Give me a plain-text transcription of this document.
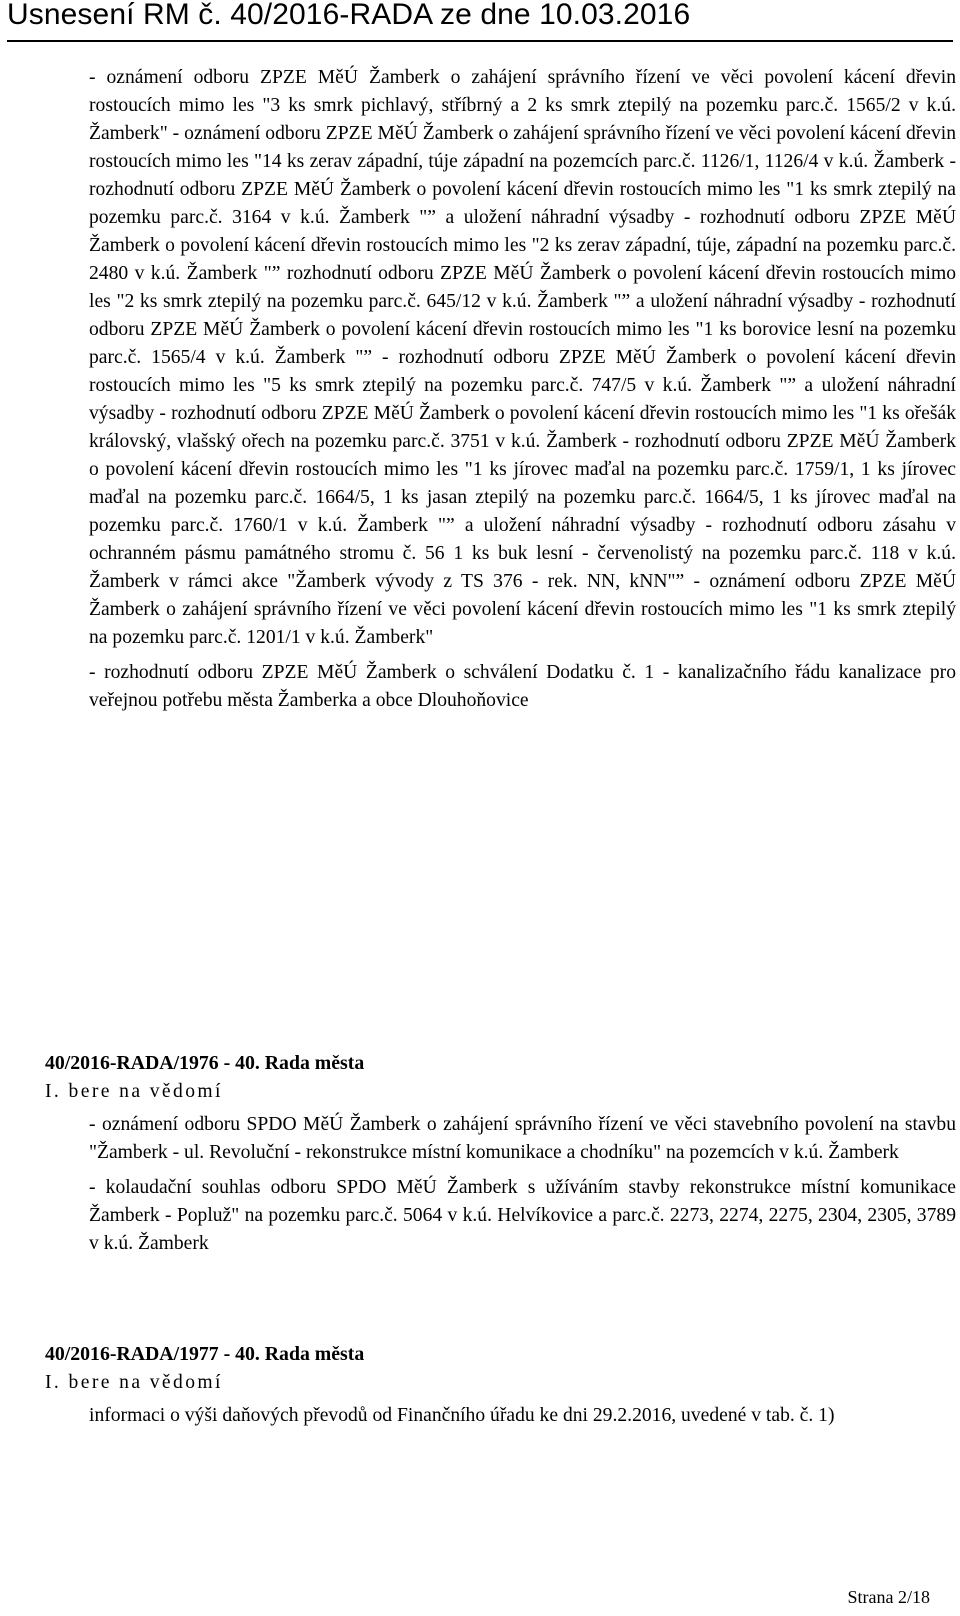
Usnesení RM č. 40/2016-RADA ze dne 10.03.2016

- oznámení odboru ZPZE MěÚ Žamberk o zahájení správního řízení ve věci povolení kácení dřevin rostoucích mimo les "3 ks smrk pichlavý, stříbrný a 2 ks smrk ztepilý na pozemku parc.č. 1565/2 v k.ú. Žamberk" - oznámení odboru ZPZE MěÚ Žamberk o zahájení správního řízení ve věci povolení kácení dřevin rostoucích mimo les "14 ks zerav západní, túje západní na pozemcích parc.č. 1126/1, 1126/4 v k.ú. Žamberk - rozhodnutí odboru ZPZE MěÚ Žamberk o povolení kácení dřevin rostoucích mimo les "1 ks smrk ztepilý na pozemku parc.č. 3164 v k.ú. Žamberk "” a uložení náhradní výsadby - rozhodnutí odboru ZPZE MěÚ Žamberk o povolení kácení dřevin rostoucích mimo les "2 ks zerav západní, túje, západní na pozemku parc.č. 2480 v k.ú. Žamberk "” rozhodnutí odboru ZPZE MěÚ Žamberk o povolení kácení dřevin rostoucích mimo les "2 ks smrk ztepilý na pozemku parc.č. 645/12 v k.ú. Žamberk "” a uložení náhradní výsadby - rozhodnutí odboru ZPZE MěÚ Žamberk o povolení kácení dřevin rostoucích mimo les "1 ks borovice lesní na pozemku parc.č. 1565/4 v k.ú. Žamberk "” - rozhodnutí odboru ZPZE MěÚ Žamberk o povolení kácení dřevin rostoucích mimo les "5 ks smrk ztepilý na pozemku parc.č. 747/5 v k.ú. Žamberk "” a uložení náhradní výsadby - rozhodnutí odboru ZPZE MěÚ Žamberk o povolení kácení dřevin rostoucích mimo les "1 ks ořešák královský, vlašský ořech na pozemku parc.č. 3751 v k.ú. Žamberk - rozhodnutí odboru ZPZE MěÚ Žamberk o povolení kácení dřevin rostoucích mimo les "1 ks jírovec maďal na pozemku parc.č. 1759/1, 1 ks jírovec maďal na pozemku parc.č. 1664/5, 1 ks jasan ztepilý na pozemku parc.č. 1664/5, 1 ks jírovec maďal na pozemku parc.č. 1760/1 v k.ú. Žamberk "” a uložení náhradní výsadby - rozhodnutí odboru zásahu v ochranném pásmu památného stromu č. 56 1 ks buk lesní - červenolistý na pozemku parc.č. 118 v k.ú. Žamberk v rámci akce "Žamberk vývody z TS 376 - rek. NN, kNN"” - oznámení odboru ZPZE MěÚ Žamberk o zahájení správního řízení ve věci povolení kácení dřevin rostoucích mimo les "1 ks smrk ztepilý na pozemku parc.č. 1201/1 v k.ú. Žamberk"

- rozhodnutí odboru ZPZE MěÚ Žamberk o schválení Dodatku č. 1 - kanalizačního řádu kanalizace pro veřejnou potřebu města Žamberka a obce Dlouhoňovice

40/2016-RADA/1976 - 40. Rada města
I. bere na vědomí

- oznámení odboru SPDO MěÚ Žamberk o zahájení správního řízení ve věci stavebního povolení na stavbu "Žamberk - ul. Revoluční - rekonstrukce místní komunikace a chodníku" na pozemcích v k.ú. Žamberk

- kolaudační souhlas odboru SPDO MěÚ Žamberk s užíváním stavby rekonstrukce místní komunikace Žamberk - Popluž" na pozemku parc.č. 5064 v k.ú. Helvíkovice a parc.č. 2273, 2274, 2275, 2304, 2305, 3789 v k.ú. Žamberk

40/2016-RADA/1977 - 40. Rada města
I. bere na vědomí

informaci o výši daňových převodů od Finančního úřadu ke dni 29.2.2016, uvedené v tab. č. 1)

Strana 2/18
